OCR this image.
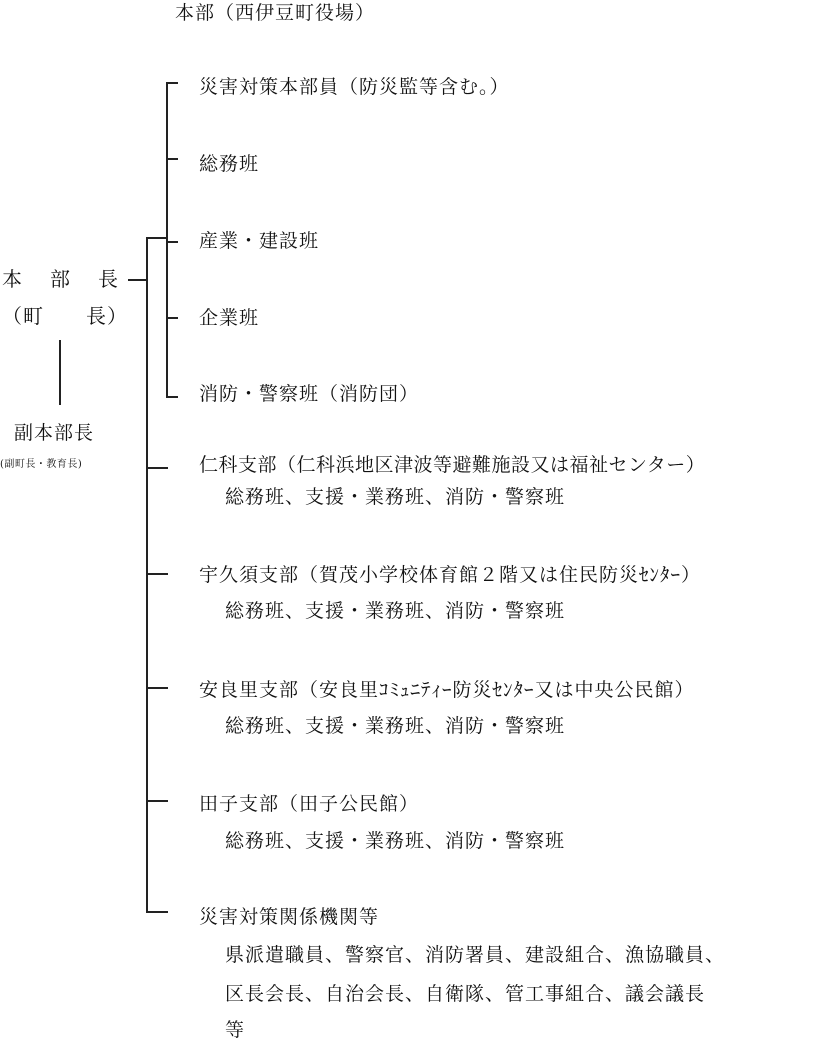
本部（西伊豆町役場）
本　部　長
（町　　長）
副本部長
(副町長・教育長)
災害対策本部員（防災監等含む。）
総務班
産業・建設班
企業班
消防・警察班（消防団）
仁科支部（仁科浜地区津波等避難施設又は福祉センター）
総務班、支援・業務班、消防・警察班
宇久須支部（賀茂小学校体育館２階又は住民防災ｾﾝﾀｰ）
総務班、支援・業務班、消防・警察班
安良里支部（安良里ｺﾐｭﾆﾃｨｰ防災ｾﾝﾀｰ又は中央公民館）
総務班、支援・業務班、消防・警察班
田子支部（田子公民館）
総務班、支援・業務班、消防・警察班
災害対策関係機関等
県派遣職員、警察官、消防署員、建設組合、漁協職員、
区長会長、自治会長、自衛隊、管工事組合、議会議長
等
